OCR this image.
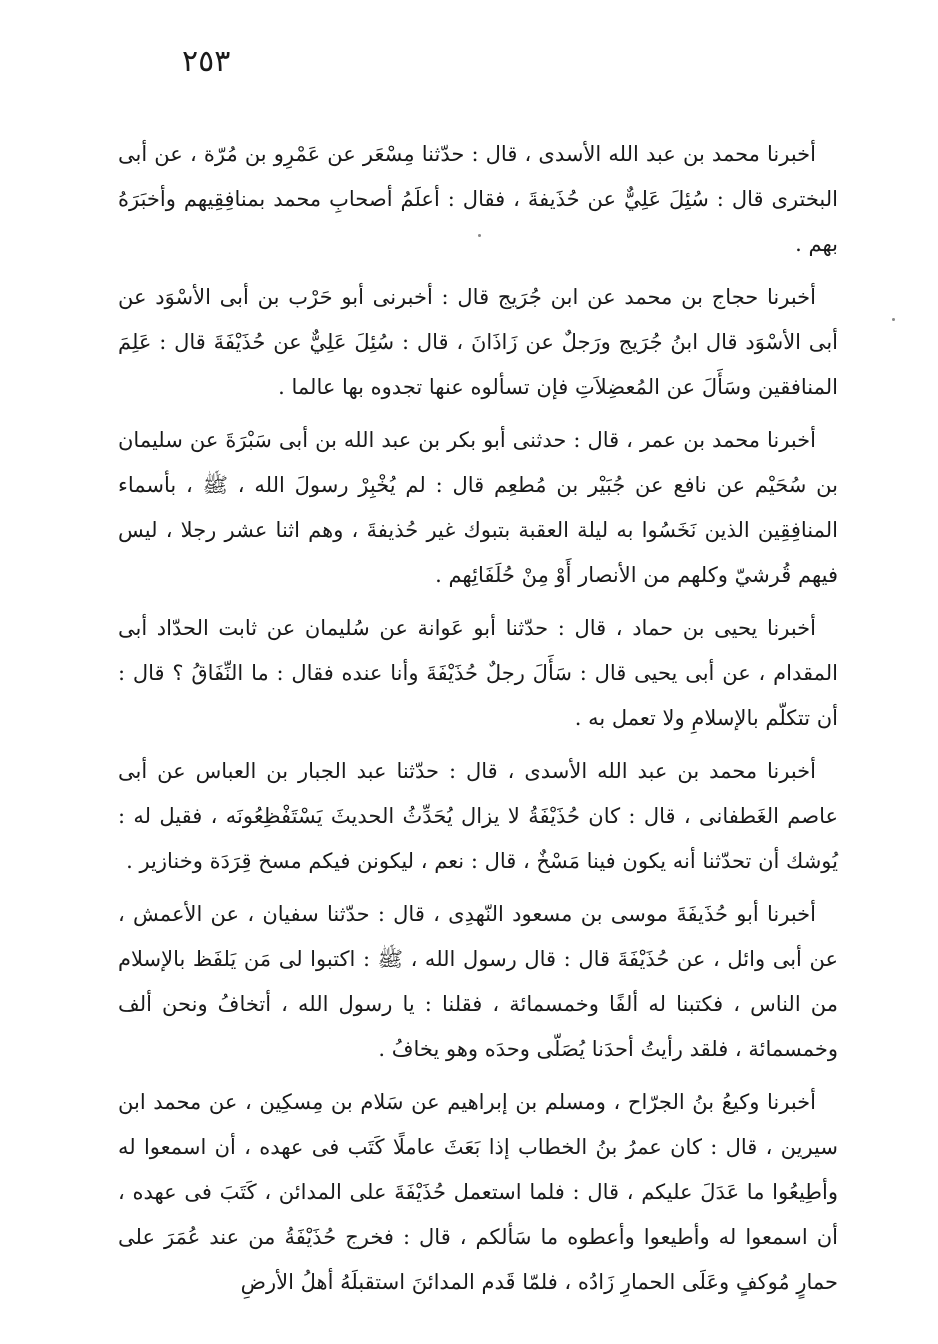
٢٥٣

أخبرنا محمد بن عبد الله الأسدى ، قال : حدّثنا مِسْعَر عن عَمْرِو بن مُرّة ، عن أبى البخترى قال : سُئِلَ عَلِيٌّ عن حُذَيفةَ ، فقال : أعلَمُ أصحابِ محمد بمنافِقِيهم وأخبَرَهُ بهم .

أخبرنا حجاج بن محمد عن ابن جُرَيج قال : أخبرنى أبو حَرْب بن أبى الأسْوَد عن أبى الأسْوَد قال ابنُ جُرَيج ورَجلٌ عن زَاذَانَ ، قال : سُئِلَ عَلِيٌّ عن حُذَيْفَةَ قال : عَلِمَ المنافقين وسَأَلَ عن المُعضِلاَتِ فإن تسألوه عنها تجدوه بها عالما .

أخبرنا محمد بن عمر ، قال : حدثنى أبو بكر بن عبد الله بن أبى سَبْرَةَ عن سليمان بن سُحَيْم عن نافع عن جُبَيْر بن مُطعِم قال : لم يُخْبِرْ رسولَ الله ، ﷺ ، بأسماء المنافِقِين الذين نَخَسُوا به ليلة العقبة بتبوك غير حُذيفةَ ، وهم اثنا عشر رجلا ، ليس فيهم قُرشيّ وكلهم من الأنصار أَوْ مِنْ حُلَفَائِهم .

أخبرنا يحيى بن حماد ، قال : حدّثنا أبو عَوانة عن سُليمان عن ثابت الحدّاد أبى المقدام ، عن أبى يحيى قال : سَأَلَ رجلٌ حُذَيْفَةَ وأنا عنده فقال : ما النِّفَاقُ ؟ قال : أن تتكلّم بالإسلامِ ولا تعمل به .

أخبرنا محمد بن عبد الله الأسدى ، قال : حدّثنا عبد الجبار بن العباس عن أبى عاصم الغَطفانى ، قال : كان حُذَيْفَةُ لا يزال يُحَدِّثُ الحديثَ يَسْتَفْظِعُونَه ، فقيل له : يُوشك أن تحدّثنا أنه يكون فينا مَسْخٌ ، قال : نعم ، ليكونن فيكم مسخ قِرَدَة وخنازير .

أخبرنا أبو حُذَيفَةَ موسى بن مسعود النّهدِى ، قال : حدّثنا سفيان ، عن الأعمش ، عن أبى وائل ، عن حُذَيْفَةَ قال : قال رسول الله ، ﷺ : اكتبوا لى مَن يَلفَظ بالإسلام من الناس ، فكتبنا له ألفًا وخمسمائة ، فقلنا : يا رسول الله ، أتخافُ ونحن ألف وخمسمائة ، فلقد رأيتُ أحدَنا يُصَلّى وحدَه وهو يخافُ .

أخبرنا وكيعُ بنُ الجرّاح ، ومسلم بن إبراهيم عن سَلام بن مِسكِين ، عن محمد ابن سيرين ، قال : كان عمرُ بنُ الخطاب إذا بَعَثَ عاملًا كَتَب فى عهده ، أن اسمعوا له وأطِيعُوا ما عَدَلَ عليكم ، قال : فلما استعمل حُذَيْفَةَ على المدائن ، كَتَبَ فى عهده ، أن اسمعوا له وأطيعوا وأعطوه ما سَألكم ، قال : فخرج حُذَيْفَةُ من عند عُمَرَ على حمارٍ مُوكفٍ وعَلَى الحمارِ زَادُه ، فلمّا قَدم المدائنَ استقبلَهُ أهلُ الأرضِ
